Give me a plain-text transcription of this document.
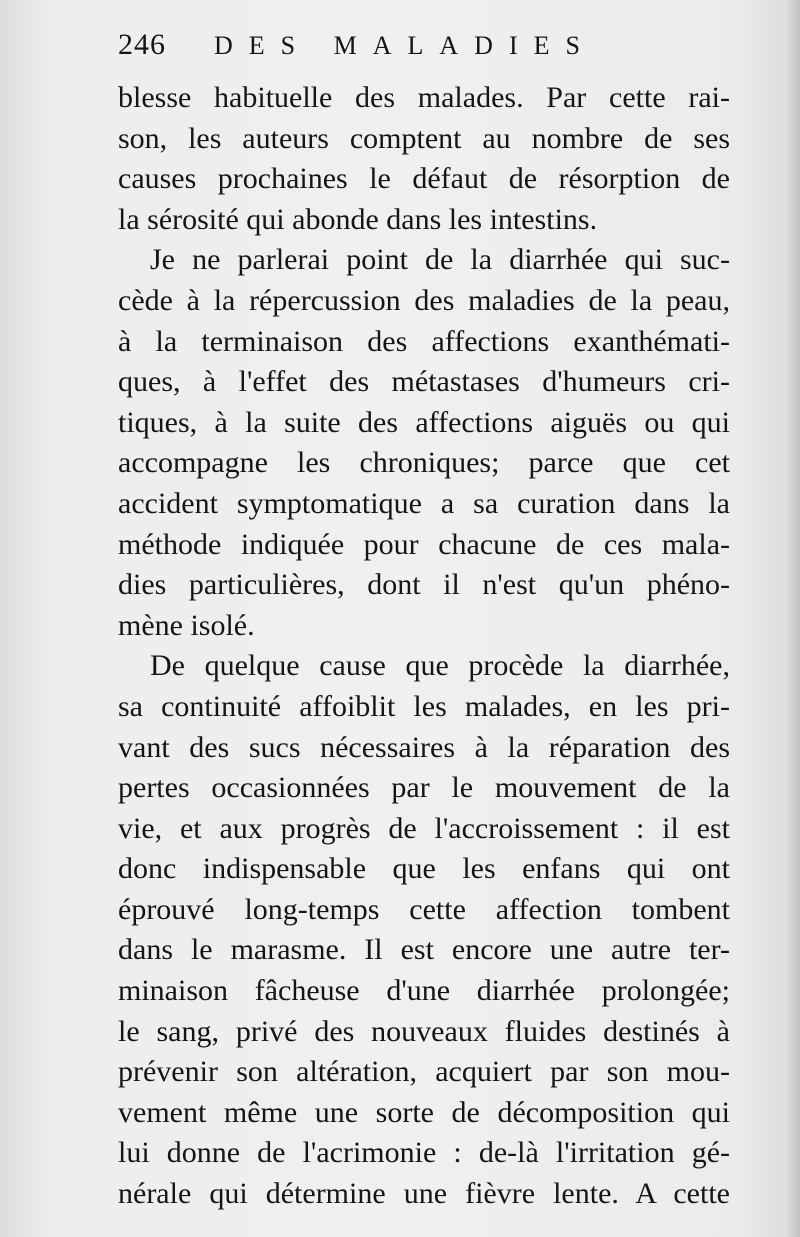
246 DES MALADIES
blesse habituelle des malades. Par cette rai-
son, les auteurs comptent au nombre de ses
causes prochaines le défaut de résorption de
la sérosité qui abonde dans les intestins.
Je ne parlerai point de la diarrhée qui suc-
cède à la répercussion des maladies de la peau,
à la terminaison des affections exanthémati-
ques, à l'effet des métastases d'humeurs cri-
tiques, à la suite des affections aiguës ou qui
accompagne les chroniques; parce que cet
accident symptomatique a sa curation dans la
méthode indiquée pour chacune de ces mala-
dies particulières, dont il n'est qu'un phéno-
mène isolé.
De quelque cause que procède la diarrhée,
sa continuité affoiblit les malades, en les pri-
vant des sucs nécessaires à la réparation des
pertes occasionnées par le mouvement de la
vie, et aux progrès de l'accroissement : il est
donc indispensable que les enfans qui ont
éprouvé long-temps cette affection tombent
dans le marasme. Il est encore une autre ter-
minaison fâcheuse d'une diarrhée prolongée;
le sang, privé des nouveaux fluides destinés à
prévenir son altération, acquiert par son mou-
vement même une sorte de décomposition qui
lui donne de l'acrimonie : de-là l'irritation gé-
nérale qui détermine une fièvre lente. A cette
